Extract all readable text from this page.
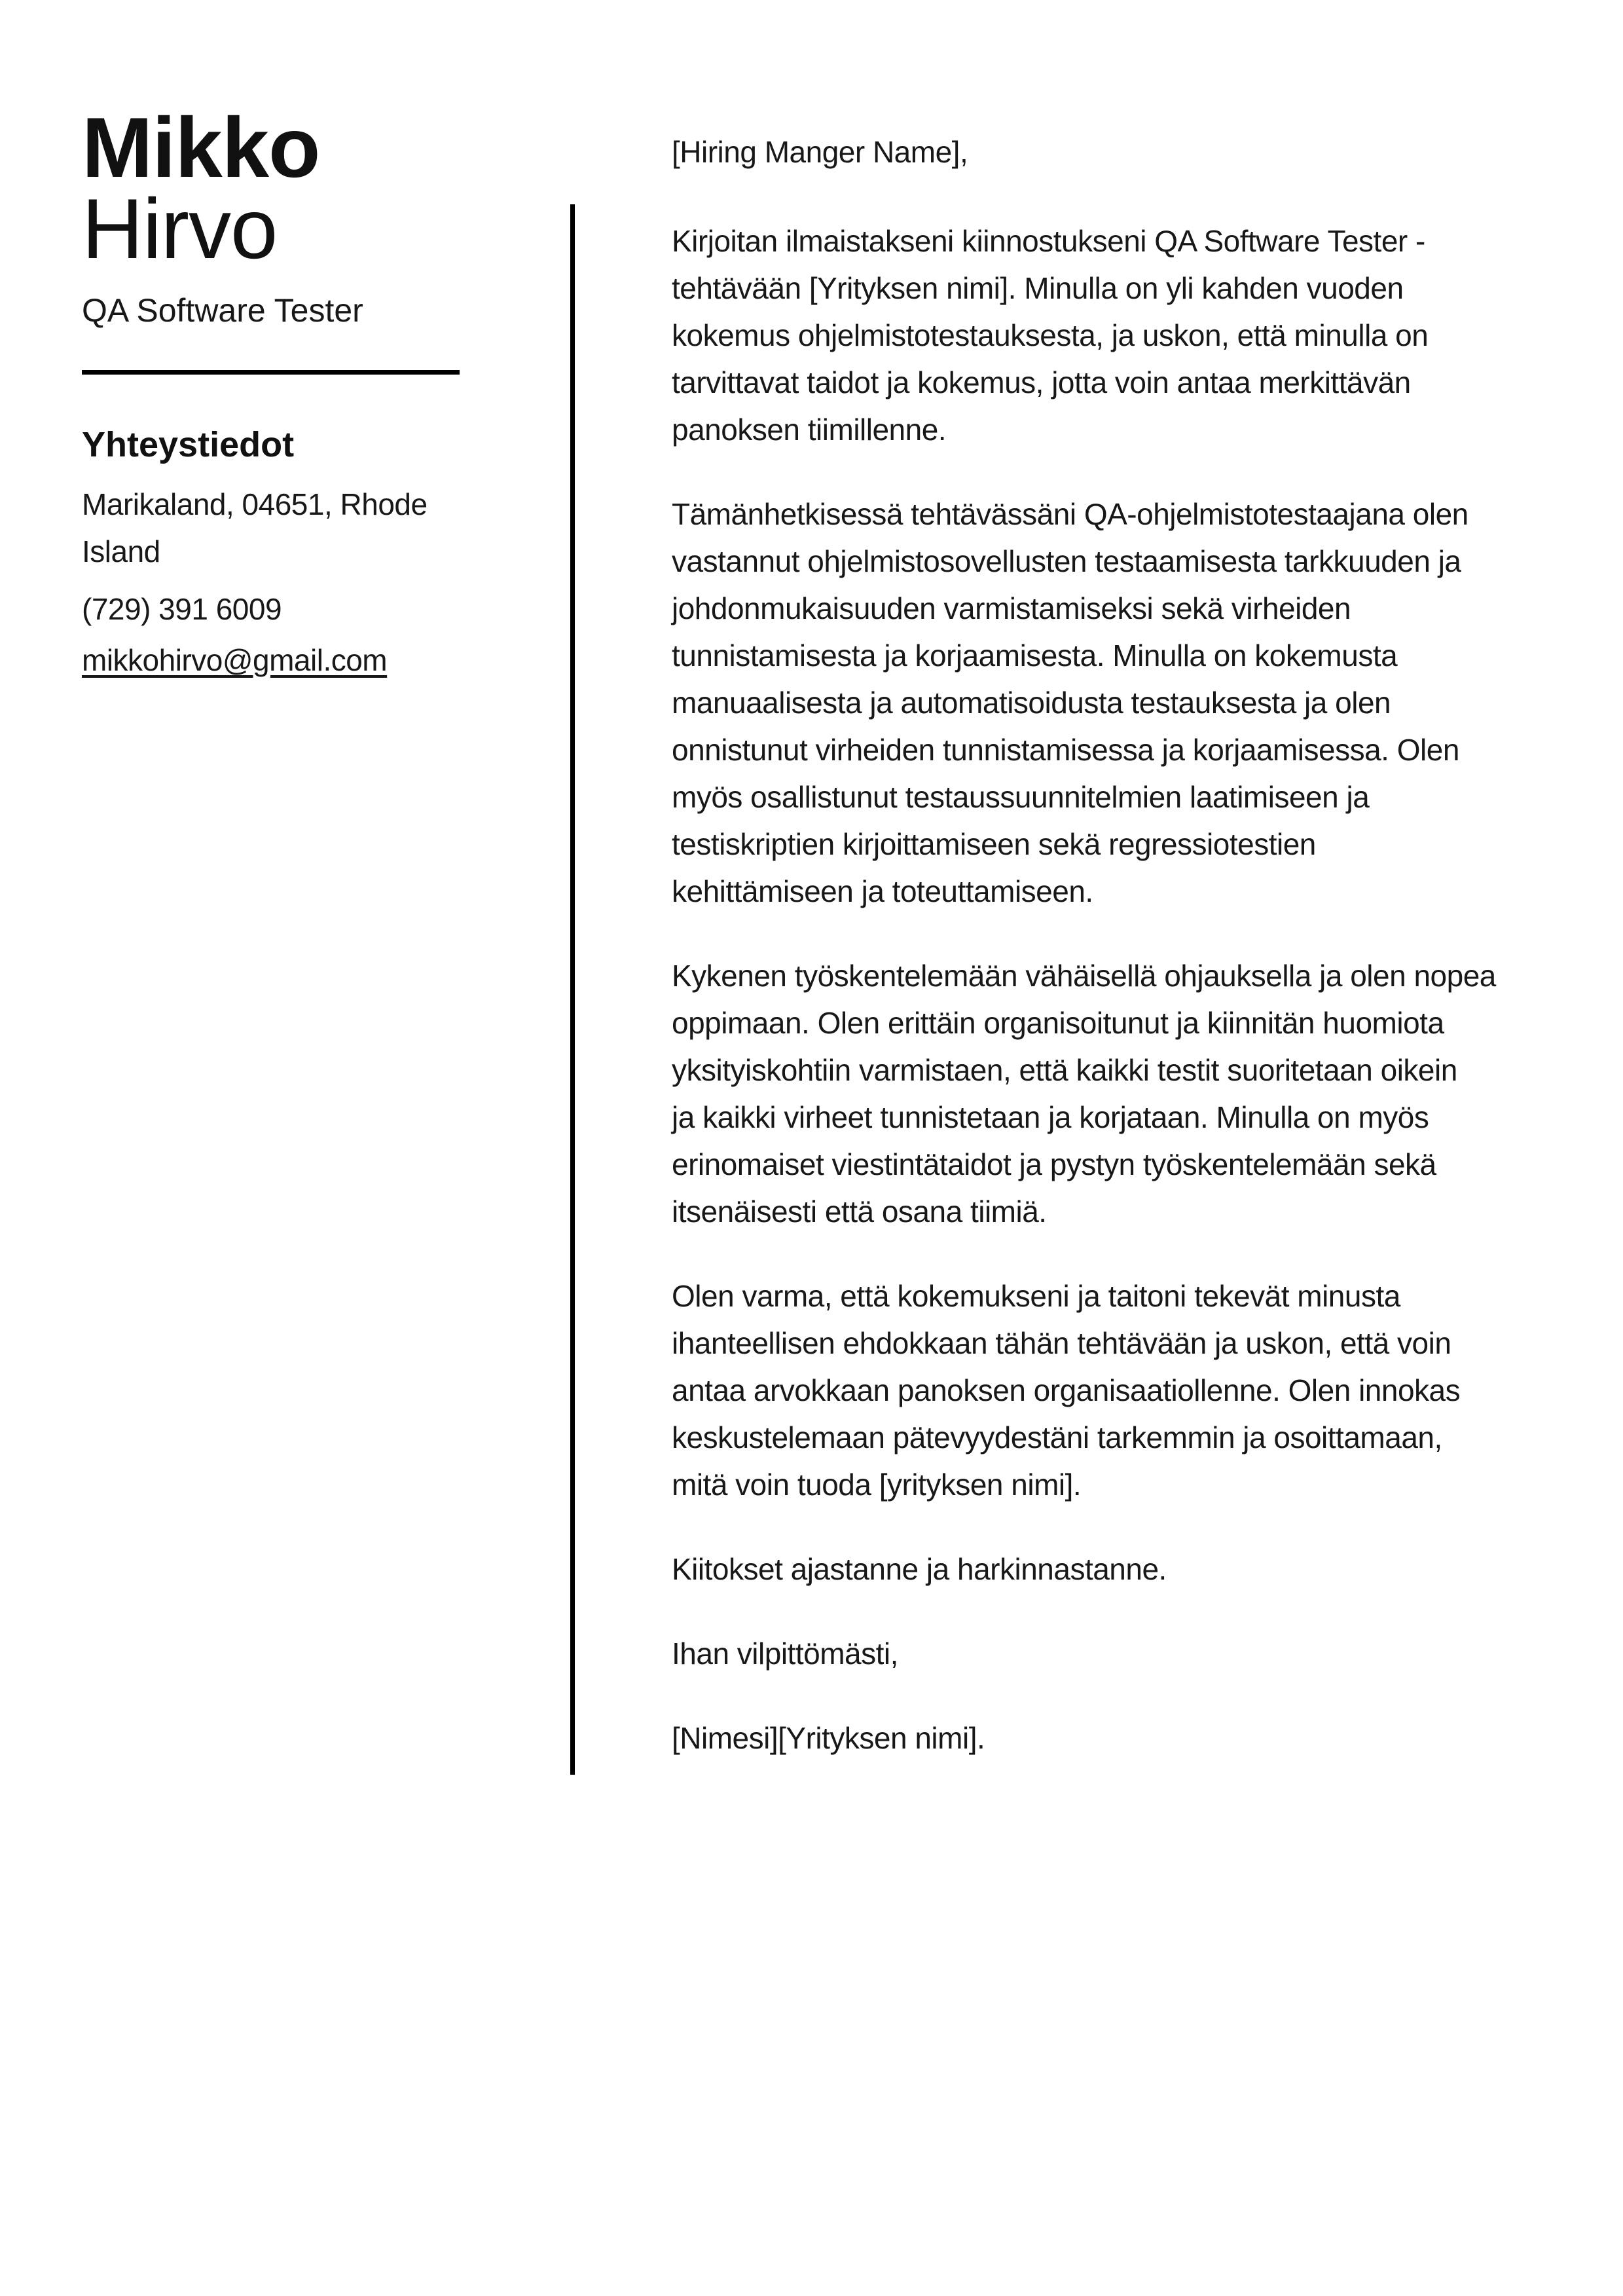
Mikko
Hirvo
QA Software Tester
Yhteystiedot
Marikaland, 04651, Rhode Island
(729) 391 6009
mikkohirvo@gmail.com
[Hiring Manger Name],
Kirjoitan ilmaistakseni kiinnostukseni QA Software Tester -
tehtävään [Yrityksen nimi]. Minulla on yli kahden vuoden
kokemus ohjelmistotestauksesta, ja uskon, että minulla on
tarvittavat taidot ja kokemus, jotta voin antaa merkittävän
panoksen tiimillenne.
Tämänhetkisessä tehtävässäni QA-ohjelmistotestaajana olen
vastannut ohjelmistosovellusten testaamisesta tarkkuuden ja
johdonmukaisuuden varmistamiseksi sekä virheiden
tunnistamisesta ja korjaamisesta. Minulla on kokemusta
manuaalisesta ja automatisoidusta testauksesta ja olen
onnistunut virheiden tunnistamisessa ja korjaamisessa. Olen
myös osallistunut testaussuunnitelmien laatimiseen ja
testiskriptien kirjoittamiseen sekä regressiotestien
kehittämiseen ja toteuttamiseen.
Kykenen työskentelemään vähäisellä ohjauksella ja olen nopea
oppimaan. Olen erittäin organisoitunut ja kiinnitän huomiota
yksityiskohtiin varmistaen, että kaikki testit suoritetaan oikein
ja kaikki virheet tunnistetaan ja korjataan. Minulla on myös
erinomaiset viestintätaidot ja pystyn työskentelemään sekä
itsenäisesti että osana tiimiä.
Olen varma, että kokemukseni ja taitoni tekevät minusta
ihanteellisen ehdokkaan tähän tehtävään ja uskon, että voin
antaa arvokkaan panoksen organisaatiollenne. Olen innokas
keskustelemaan pätevyydestäni tarkemmin ja osoittamaan,
mitä voin tuoda [yrityksen nimi].
Kiitokset ajastanne ja harkinnastanne.
Ihan vilpittömästi,
[Nimesi][Yrityksen nimi].
